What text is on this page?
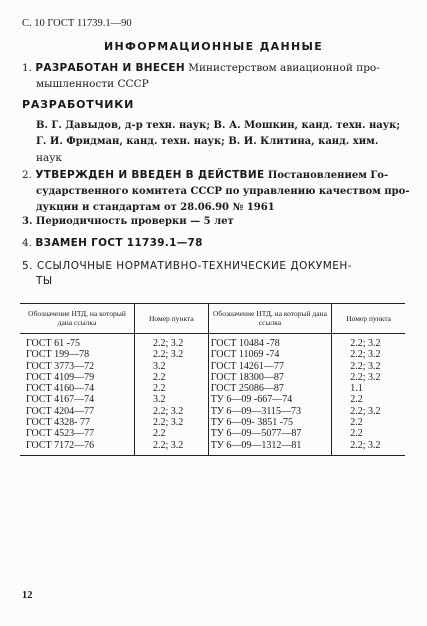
С. 10 ГОСТ 11739.1—90
ИНФОРМАЦИОННЫЕ ДАННЫЕ
1. РАЗРАБОТАН И ВНЕСЕН Министерством авиационной про-
мышленности СССР
РАЗРАБОТЧИКИ
В. Г. Давыдов, д-р техн. наук; В. А. Мошкин, канд. техн. наук;
Г. И. Фридман, канд. техн. наук; В. И. Клитина, канд. хим.
наук
2. УТВЕРЖДЕН И ВВЕДЕН В ДЕЙСТВИЕ Постановлением Го-
сударственного комитета СССР по управлению качеством про-
дукции и стандартам от 28.06.90 № 1961
3. Периодичность проверки — 5 лет
4. ВЗАМЕН ГОСТ 11739.1—78
5. ССЫЛОЧНЫЕ НОРМАТИВНО-ТЕХНИЧЕСКИЕ ДОКУМЕН-
ТЫ
Обозначение НТД, на который дана ссылка	Номер пункта	Обозначение НТД, на который дана ссылка	Номер пункта
ГОСТ 61 -75	2.2; 3.2	ГОСТ 10484 -78	2.2; 3.2
ГОСТ 199—78	2.2; 3.2	ГОСТ 11069 -74	2.2; 3.2
ГОСТ 3773—72	3.2	ГОСТ 14261—77	2.2; 3.2
ГОСТ 4109—79	2.2	ГОСТ 18300—87	2.2; 3.2
ГОСТ 4160—74	2.2	ГОСТ 25086—87	1.1
ГОСТ 4167—74	3.2	ТУ 6—09 -667—74	2.2
ГОСТ 4204—77	2.2; 3.2	ТУ 6—09—3115—73	2.2; 3.2
ГОСТ 4328- 77	2.2; 3.2	ТУ 6—09- 3851 -75	2.2
ГОСТ 4523—77	2.2	ТУ 6—09—5077—87	2.2
ГОСТ 7172—76	2.2; 3.2	ТУ 6—09—1312—81	2.2; 3.2
12
